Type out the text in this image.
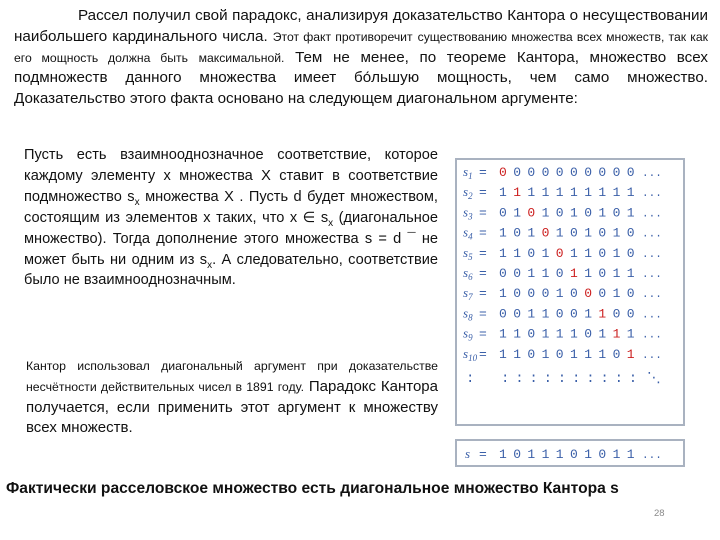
Рассел получил свой парадокс, анализируя доказательство Кантора о несуществовании наибольшего кардинального числа. Этот факт противоречит существованию множества всех множеств, так как его мощность должна быть максимальной. Тем не менее, по теореме Кантора, множество всех подмножеств данного множества имеет бо́льшую мощность, чем само множество. Доказательство этого факта основано на следующем диагональном аргументе:

Пусть есть взаимнооднозначное соответствие, которое каждому элементу x множества X ставит в соответствие подмножество $s_x$ множества X . Пусть d будет множеством, состоящим из элементов x таких, что x ∈ $s_x$ (диагональное множество). Тогда дополнение этого множества s = d ¯ не может быть ни одним из $s_x$. А следовательно, соответствие было не взаимнооднозначным.

Кантор использовал диагональный аргумент при доказательстве несчётности действительных чисел в 1891 году. Парадокс Кантора получается, если применить этот аргумент к множеству всех множеств.

$s_1 = 0$ 0 0 0 0 0 0 0 0 0 ...
$s_2 = 1$ 1 1 1 1 1 1 1 1 1 ...
$s_3 = 0$ 1 0 1 0 1 0 1 0 1 ...
$s_4 = 1$ 0 1 0 1 0 1 0 1 0 ...
$s_5 = 1$ 1 0 1 0 1 1 0 1 0 ...
$s_6 = 0$ 0 1 1 0 1 1 0 1 1 ...
$s_7 = 1$ 0 0 0 1 0 0 0 1 0 ...
$s_8 = 0$ 0 1 1 0 0 1 1 0 0 ...
$s_9 = 1$ 1 0 1 1 1 0 1 1 1 ...
$s_{10} = 1$ 1 0 1 0 1 1 1 0 1 ...
: : : : : : : : : : : ⋱
s = 1 0 1 1 1 0 1 0 1 1 ...

Фактически расселовское множество есть диагональное множество Кантора s

28
